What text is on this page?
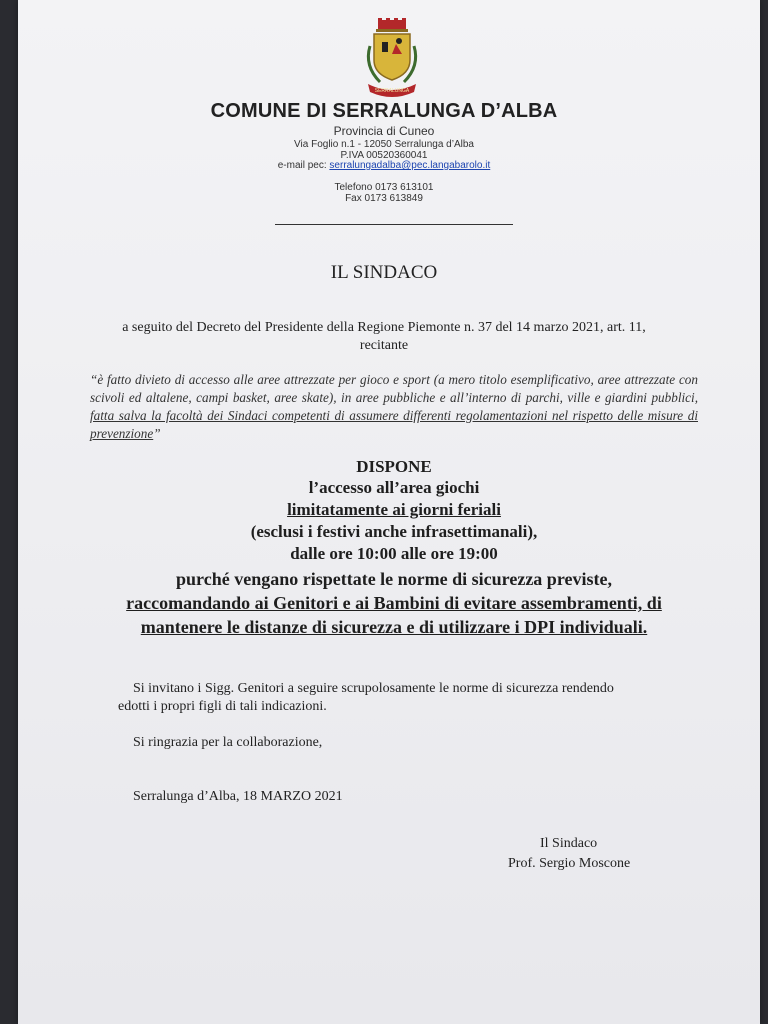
SERRALUNGA
COMUNE DI SERRALUNGA D’ALBA
Provincia di Cuneo
Via Foglio n.1 - 12050 Serralunga d’Alba
P.IVA 00520360041
e-mail pec: serralungadalba@pec.langabarolo.it
Telefono 0173 613101
Fax 0173 613849
IL SINDACO
a seguito del Decreto del Presidente della Regione Piemonte n. 37 del 14 marzo 2021, art. 11,
recitante
“è fatto divieto di accesso alle aree attrezzate per gioco e sport (a mero titolo esemplificativo, aree attrezzate con scivoli ed altalene, campi basket, aree skate), in aree pubbliche e all’interno di parchi, ville e giardini pubblici, fatta salva la facoltà dei Sindaci competenti di assumere differenti regolamentazioni nel rispetto delle misure di prevenzione”
DISPONE
l’accesso all’area giochi
limitatamente ai giorni feriali
(esclusi i festivi anche infrasettimanali),
dalle ore 10:00 alle ore 19:00
purché vengano rispettate le norme di sicurezza previste,
raccomandando ai Genitori e ai Bambini di evitare assembramenti, di
mantenere le distanze di sicurezza e di utilizzare i DPI individuali.
Si invitano i Sigg. Genitori a seguire scrupolosamente le norme di sicurezza rendendo
edotti i propri figli di tali indicazioni.
Si ringrazia per la collaborazione,
Serralunga d’Alba, 18 MARZO 2021
Il Sindaco
Prof. Sergio Moscone
